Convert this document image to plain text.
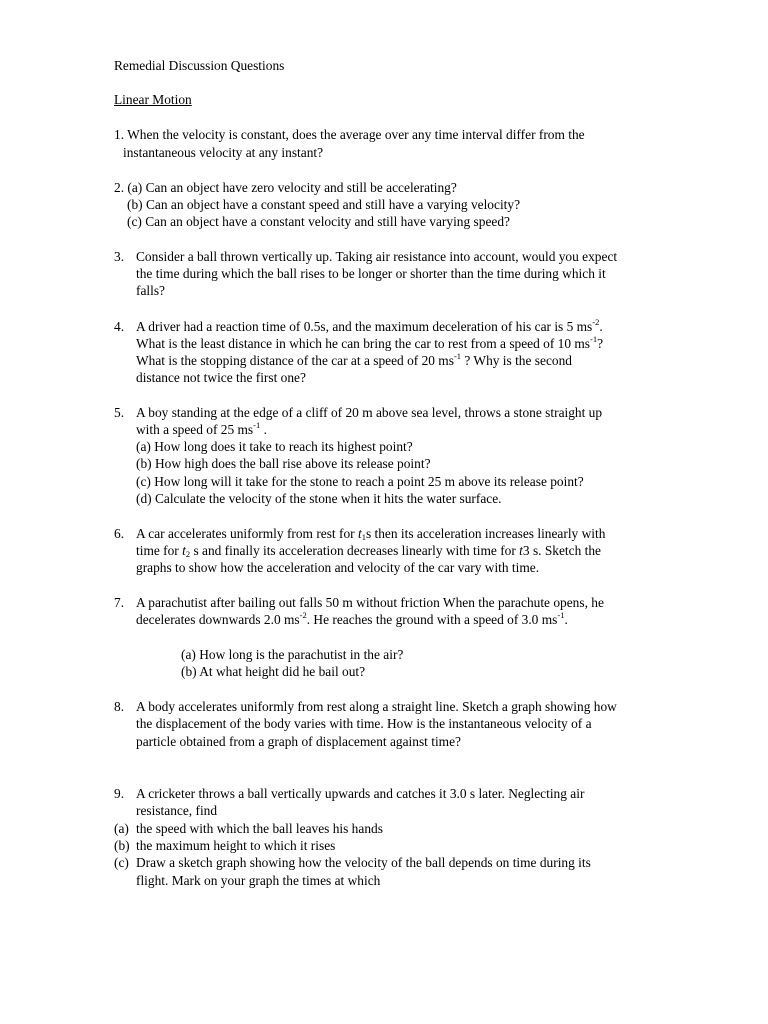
Remedial Discussion Questions
Linear Motion
1. When the velocity is constant, does the average over any time interval differ from the
instantaneous velocity at any instant?
2. (a) Can an object have zero velocity and still be accelerating?
(b) Can an object have a constant speed and still have a varying velocity?
(c) Can an object have a constant velocity and still have varying speed?
3. Consider a ball thrown vertically up. Taking air resistance into account, would you expect
the time during which the ball rises to be longer or shorter than the time during which it
falls?
4. A driver had a reaction time of 0.5s, and the maximum deceleration of his car is 5 $ms^{-2}$.
What is the least distance in which he can bring the car to rest from a speed of 10 $ms^{-1}$?
What is the stopping distance of the car at a speed of 20 $ms^{-1}$ ? Why is the second
distance not twice the first one?
5. A boy standing at the edge of a cliff of 20 m above sea level, throws a stone straight up
with a speed of 25 $ms^{-1}$ .
(a) How long does it take to reach its highest point?
(b) How high does the ball rise above its release point?
(c) How long will it take for the stone to reach a point 25 m above its release point?
(d) Calculate the velocity of the stone when it hits the water surface.
6. A car accelerates uniformly from rest for $t_1s$ then its acceleration increases linearly with
time for $t_2$ s and finally its acceleration decreases linearly with time for t3 s. Sketch the
graphs to show how the acceleration and velocity of the car vary with time.
7. A parachutist after bailing out falls 50 m without friction When the parachute opens, he
decelerates downwards 2.0 $ms^{-2}$. He reaches the ground with a speed of 3.0 $ms^{-1}$.
(a) How long is the parachutist in the air?
(b) At what height did he bail out?
8. A body accelerates uniformly from rest along a straight line. Sketch a graph showing how
the displacement of the body varies with time. How is the instantaneous velocity of a
particle obtained from a graph of displacement against time?
9. A cricketer throws a ball vertically upwards and catches it 3.0 s later. Neglecting air
resistance, find
(a) the speed with which the ball leaves his hands
(b) the maximum height to which it rises
(c) Draw a sketch graph showing how the velocity of the ball depends on time during its
flight. Mark on your graph the times at which
